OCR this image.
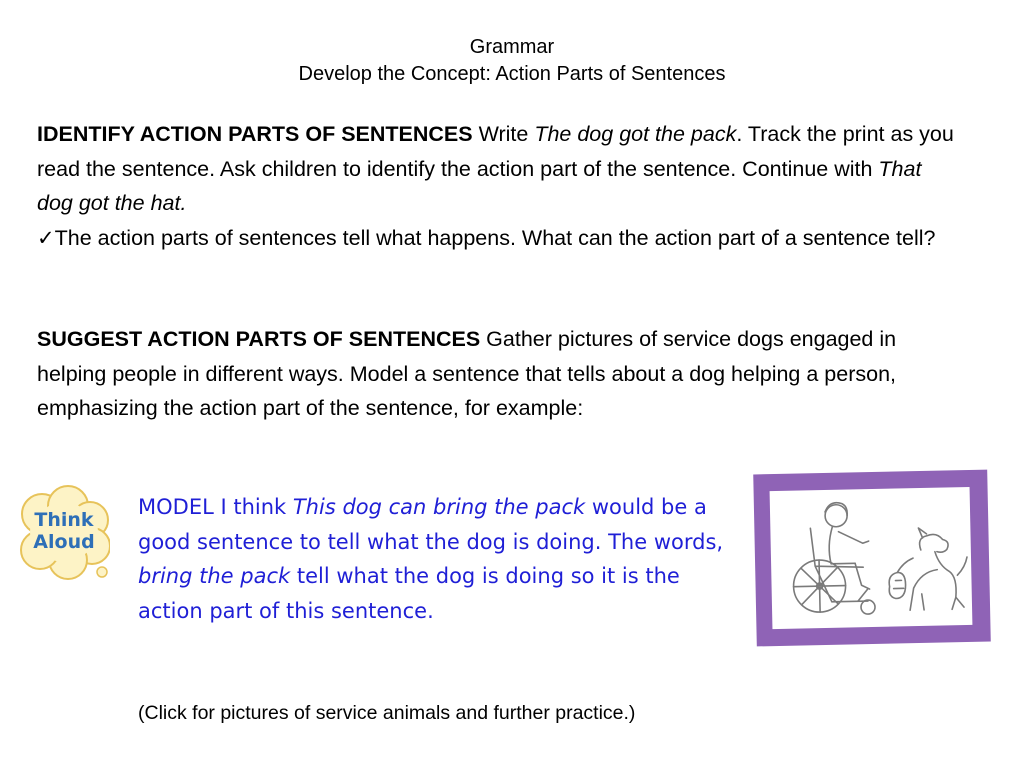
Grammar
Develop the Concept: Action Parts of Sentences
IDENTIFY ACTION PARTS OF SENTENCES Write The dog got the pack. Track the print as you read the sentence. Ask children to identify the action part of the sentence. Continue with That dog got the hat.
✓The action parts of sentences tell what happens. What can the action part of a sentence tell?
SUGGEST ACTION PARTS OF SENTENCES Gather pictures of service dogs engaged in helping people in different ways. Model a sentence that tells about a dog helping a person, emphasizing the action part of the sentence, for example:
Think
Aloud
MODEL I think This dog can bring the pack would be a good sentence to tell what the dog is doing. The words, bring the pack tell what the dog is doing so it is the action part of this sentence.
(Click for pictures of service animals and further practice.)
